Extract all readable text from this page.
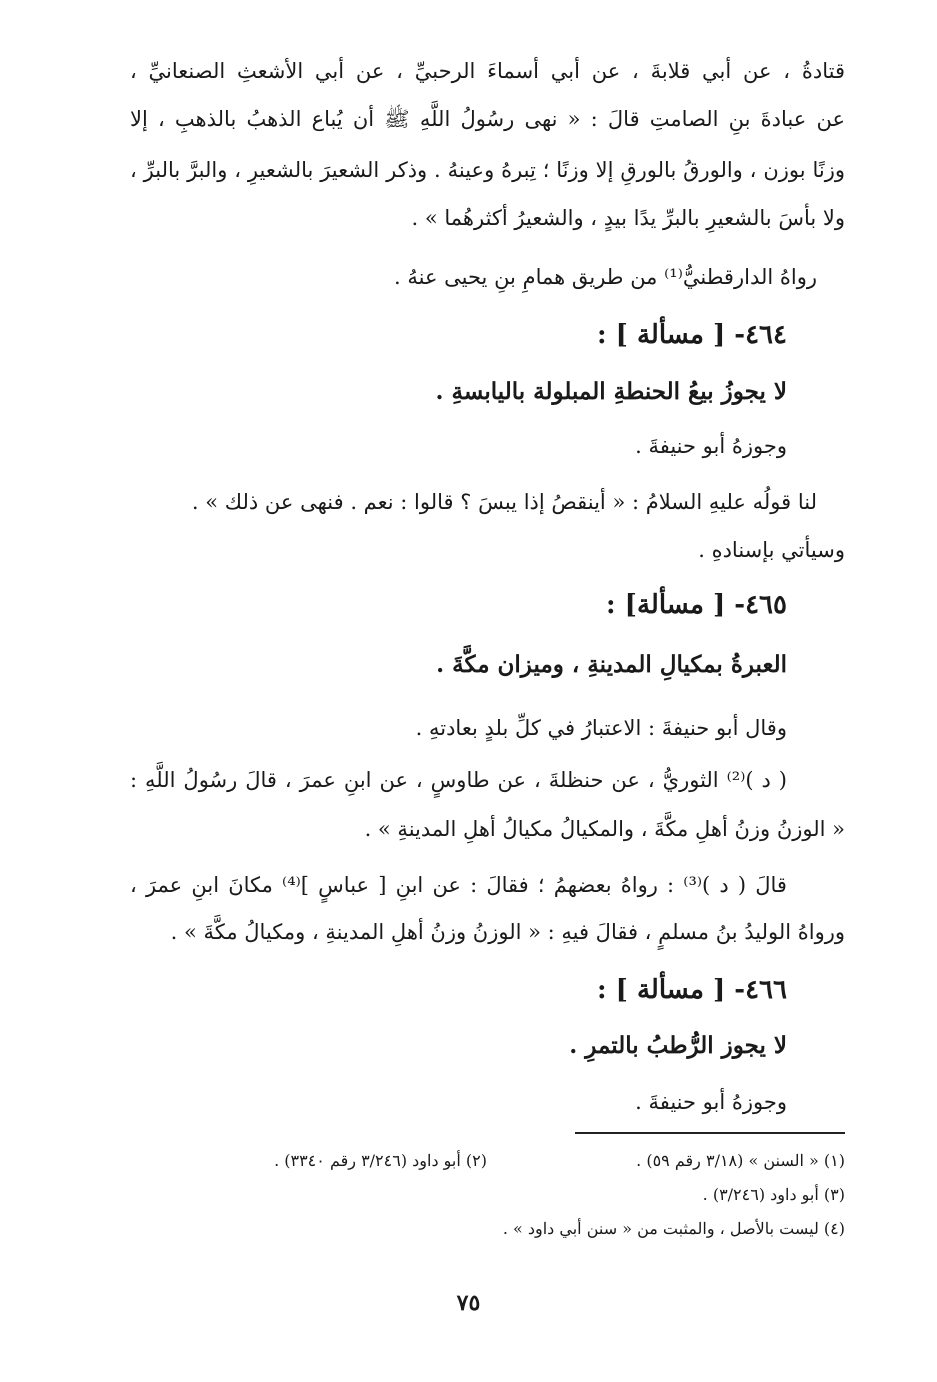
قتادةُ ، عن أبي قلابةَ ، عن أبي أسماءَ الرحبيِّ ، عن أبي الأشعثِ الصنعانيِّ ،
عن عبادةَ بنِ الصامتِ قالَ : « نهى رسُولُ اللَّهِ ﷺ أن يُباع الذهبُ بالذهبِ ، إلا
وزنًا بوزن ، والورقُ بالورقِ إلا وزنًا ؛ تِبرهُ وعينهُ . وذكر الشعيرَ بالشعيرِ ، والبرَّ بالبرِّ ،
ولا بأسَ بالشعيرِ بالبرِّ يدًا بيدٍ ، والشعيرُ أكثرهُما » .
رواهُ الدارقطنيُّ⁽¹⁾ من طريق همامِ بنِ يحيى عنهُ .
٤٦٤- [ مسألة ] :
لا يجوزُ بيعُ الحنطةِ المبلولة باليابسةِ .
وجوزهُ أبو حنيفةَ .
لنا قولُه عليهِ السلامُ : « أينقصُ إذا يبسَ ؟ قالوا : نعم . فنهى عن ذلك » .
وسيأتي بإسنادهِ .
٤٦٥- [ مسألة] :
العبرةُ بمكيالِ المدينةِ ، وميزان مكَّةَ .
وقال أبو حنيفةَ : الاعتبارُ في كلِّ بلدٍ بعادتهِ .
( د )⁽²⁾ الثوريُّ ، عن حنظلةَ ، عن طاوسٍ ، عن ابنِ عمرَ ، قالَ رسُولُ اللَّهِ :
« الوزنُ وزنُ أهلِ مكَّةَ ، والمكيالُ مكيالُ أهلِ المدينةِ » .
قالَ ( د )⁽³⁾ : رواهُ بعضهمُ ؛ فقالَ : عن ابنِ [ عباسٍ ]⁽⁴⁾ مكانَ ابنِ عمرَ ،
ورواهُ الوليدُ بنُ مسلمٍ ، فقالَ فيهِ : « الوزنُ وزنُ أهلِ المدينةِ ، ومكيالُ مكَّةَ » .
٤٦٦- [ مسألة ] :
لا يجوز الرُّطبُ بالتمرِ .
وجوزهُ أبو حنيفةَ .
(١) « السنن » (٣/١٨ رقم ٥٩) .
(٢) أبو داود (٣/٢٤٦ رقم ٣٣٤٠) .
(٣) أبو داود (٣/٢٤٦) .
(٤) ليست بالأصل ، والمثبت من « سنن أبي داود » .
٧٥
